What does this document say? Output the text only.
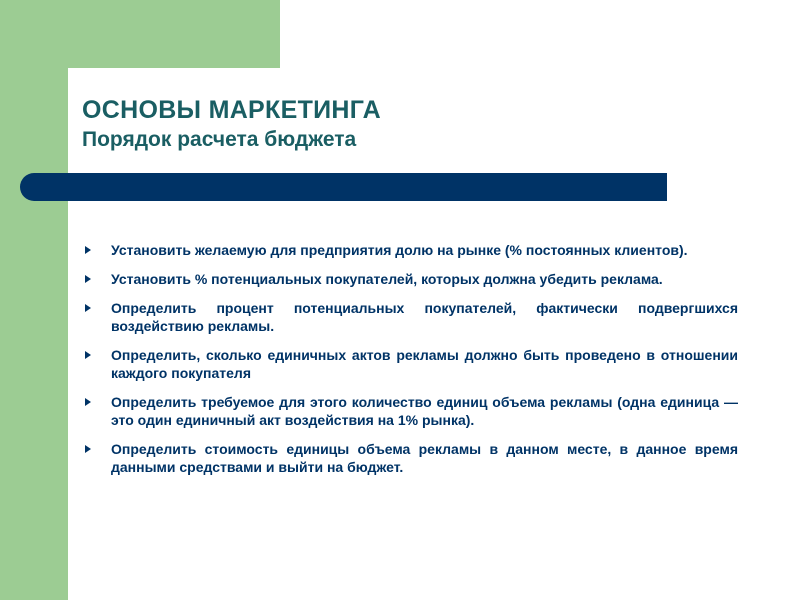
ОСНОВЫ МАРКЕТИНГА
Порядок расчета бюджета
Установить желаемую для предприятия долю на рынке (% постоянных клиентов).
Установить % потенциальных покупателей, которых должна убедить реклама.
Определить процент потенциальных покупателей, фактически подвергшихся воздействию рекламы.
Определить, сколько единичных актов рекламы должно быть проведено в отношении каждого покупателя
Определить требуемое для этого количество единиц объема рекламы (одна единица — это один единичный акт воздействия на 1% рынка).
Определить стоимость единицы объема рекламы в данном месте, в данное время данными средствами и выйти на бюджет.
